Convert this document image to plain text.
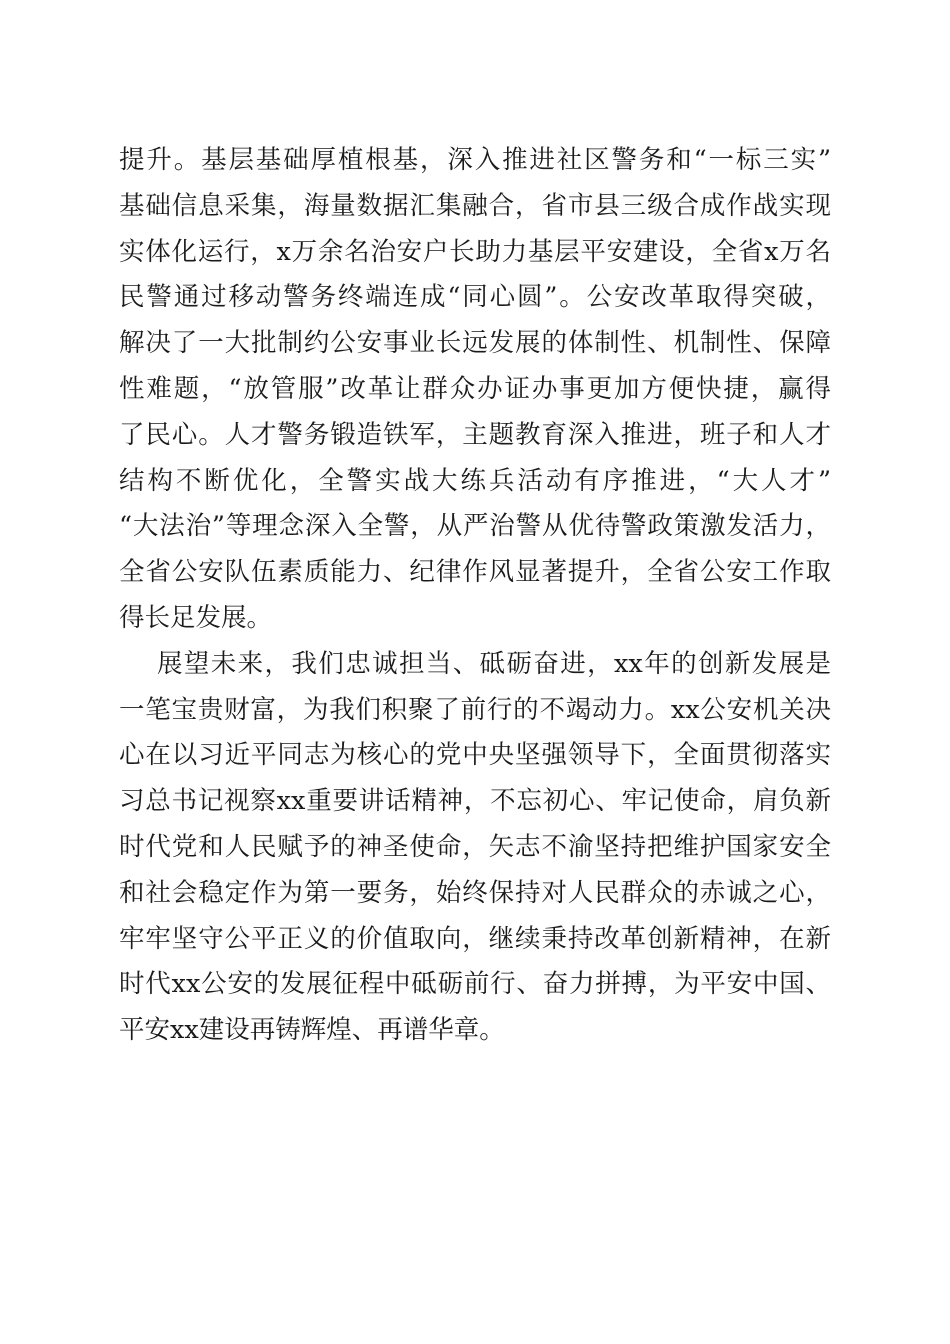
提升。基层基础厚植根基，深入推进社区警务和“一标三实”
基础信息采集，海量数据汇集融合，省市县三级合成作战实现
实体化运行，x万余名治安户长助力基层平安建设，全省x万名
民警通过移动警务终端连成“同心圆”。公安改革取得突破，
解决了一大批制约公安事业长远发展的体制性、机制性、保障
性难题，“放管服”改革让群众办证办事更加方便快捷，赢得
了民心。人才警务锻造铁军，主题教育深入推进，班子和人才
结构不断优化，全警实战大练兵活动有序推进，“大人才”
“大法治”等理念深入全警，从严治警从优待警政策激发活力，
全省公安队伍素质能力、纪律作风显著提升，全省公安工作取
得长足发展。
展望未来，我们忠诚担当、砥砺奋进，xx年的创新发展是
一笔宝贵财富，为我们积聚了前行的不竭动力。xx公安机关决
心在以习近平同志为核心的党中央坚强领导下，全面贯彻落实
习总书记视察xx重要讲话精神，不忘初心、牢记使命，肩负新
时代党和人民赋予的神圣使命，矢志不渝坚持把维护国家安全
和社会稳定作为第一要务，始终保持对人民群众的赤诚之心，
牢牢坚守公平正义的价值取向，继续秉持改革创新精神，在新
时代xx公安的发展征程中砥砺前行、奋力拼搏，为平安中国、
平安xx建设再铸辉煌、再谱华章。
